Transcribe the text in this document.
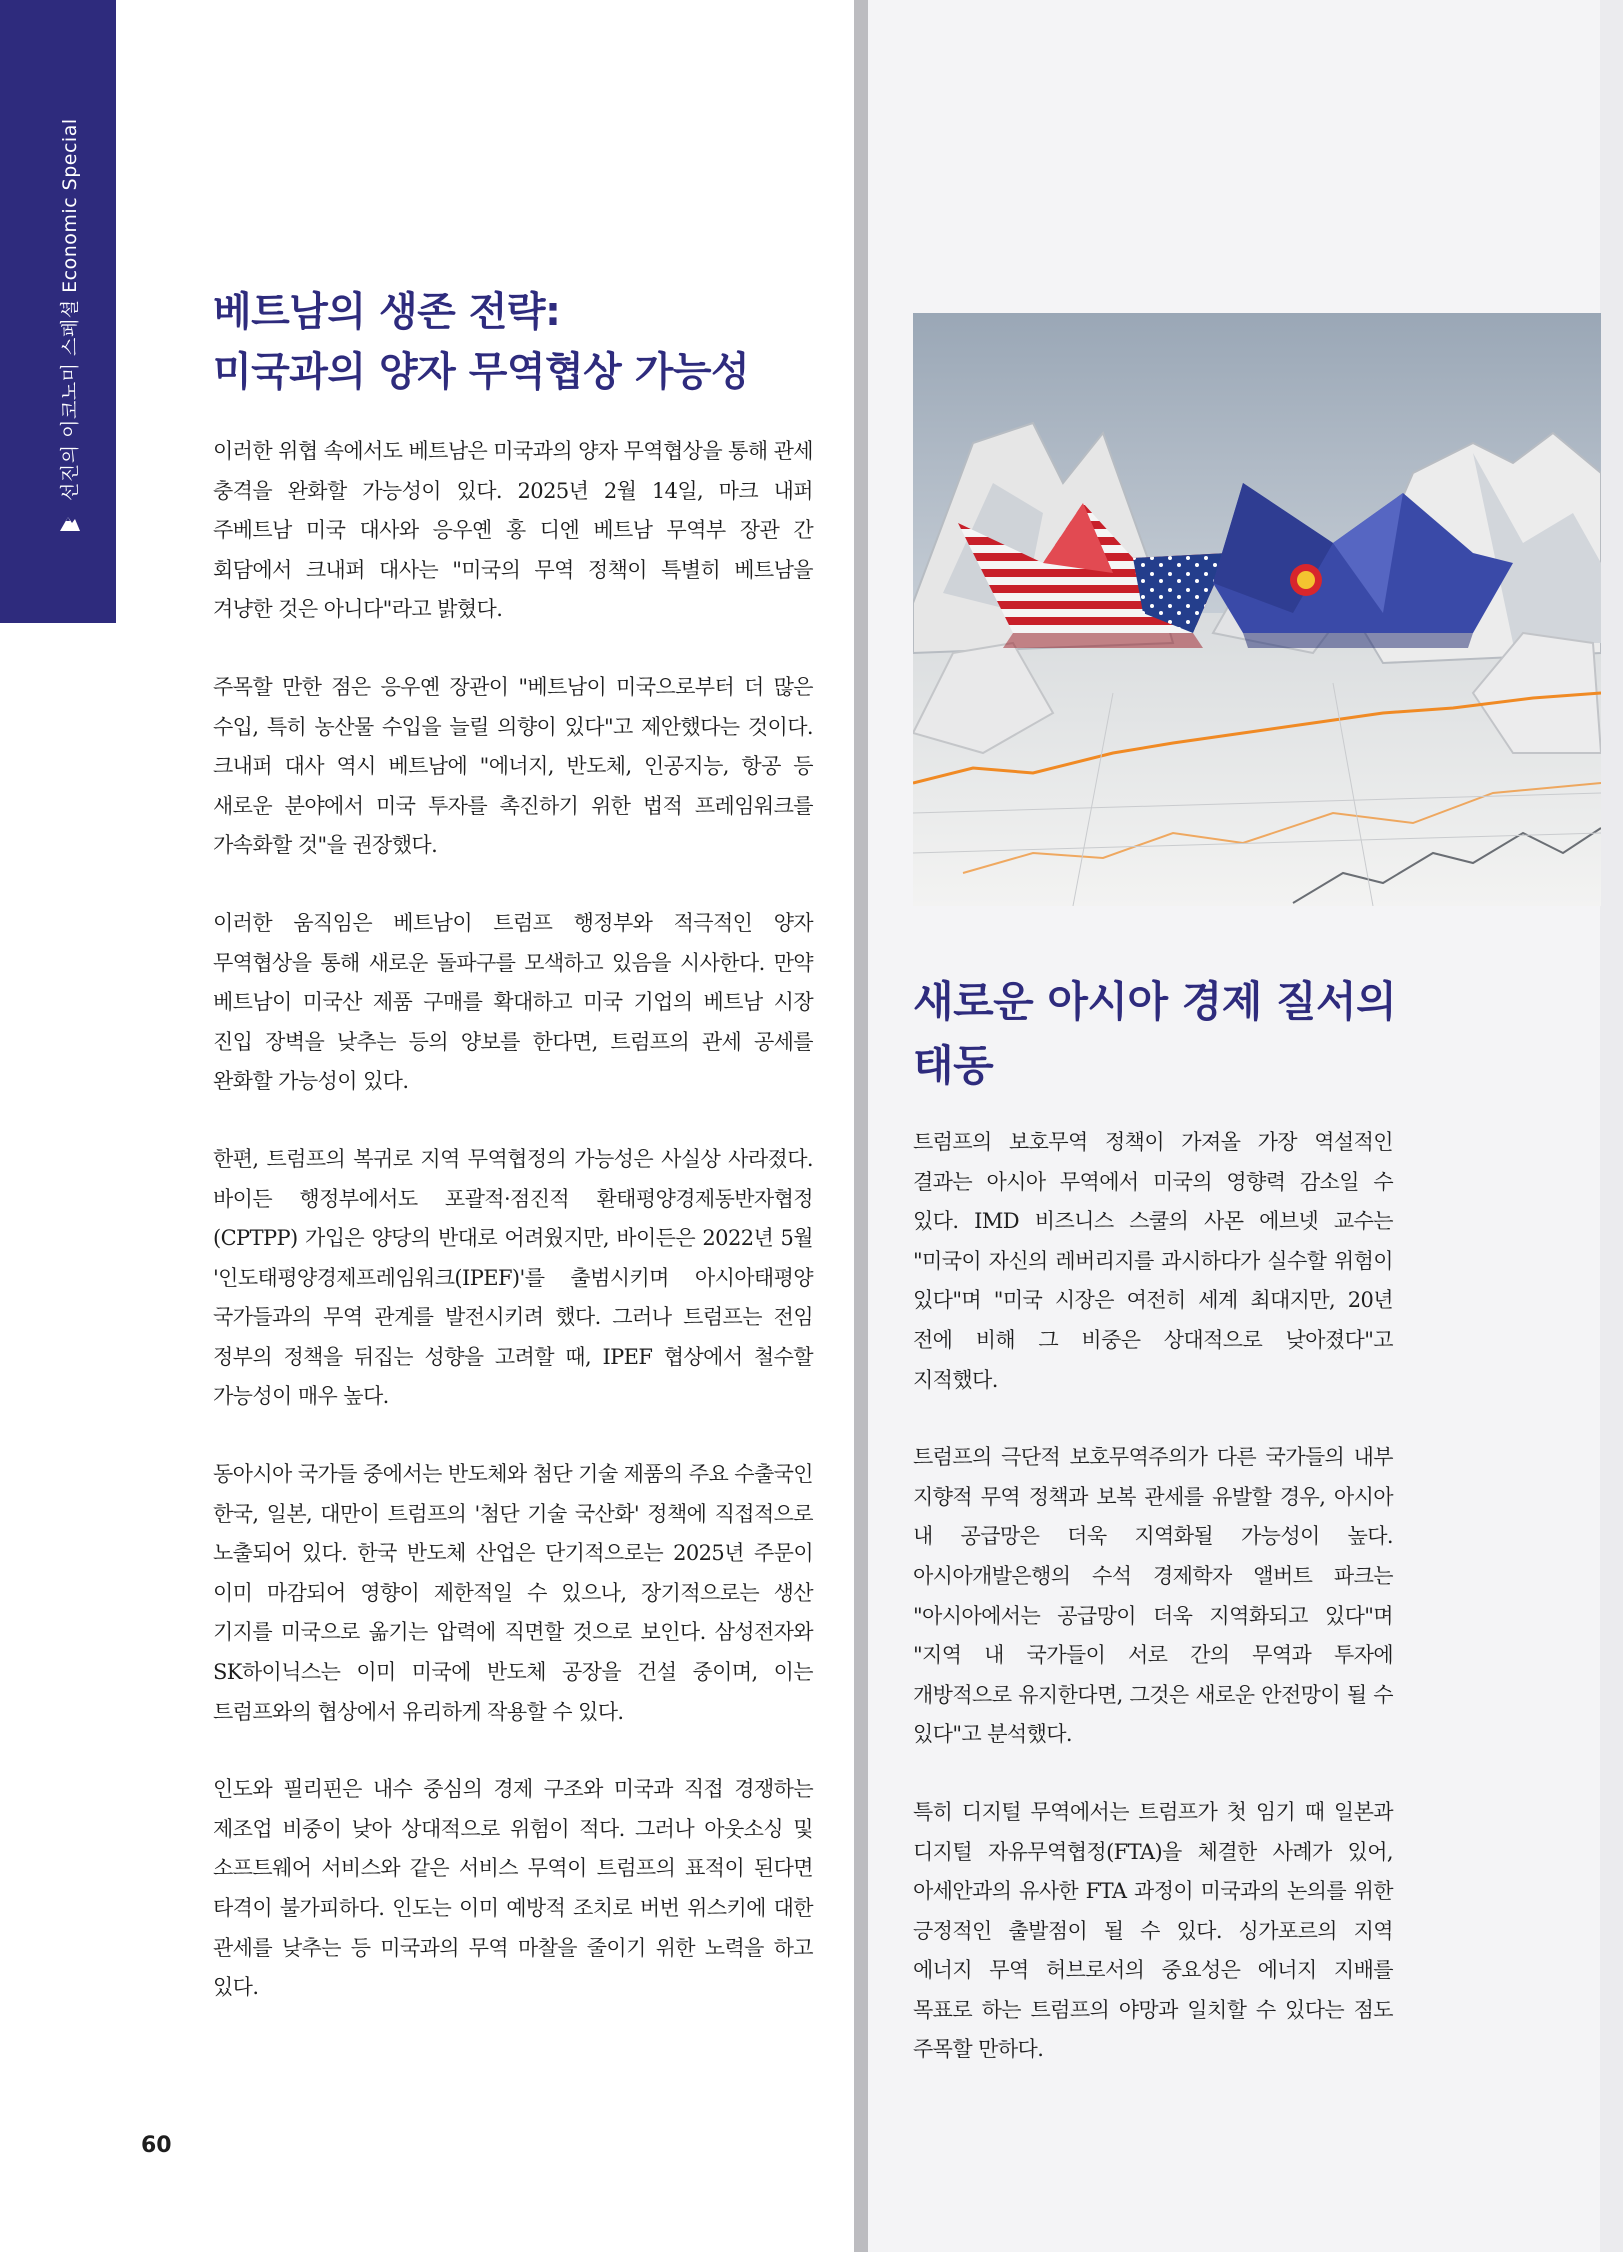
선진의 이코노미 스페셜 Economic Special	베트남의 생존 전략:
미국과의 양자 무역협상 가능성

이러한 위협 속에서도 베트남은 미국과의 양자 무역협상을 통해 관세 충격을 완화할 가능성이 있다. 2025년 2월 14일, 마크 내퍼 주베트남 미국 대사와 응우옌 홍 디엔 베트남 무역부 장관 간 회담에서 크내퍼 대사는 "미국의 무역 정책이 특별히 베트남을 겨냥한 것은 아니다"라고 밝혔다.

주목할 만한 점은 응우옌 장관이 "베트남이 미국으로부터 더 많은 수입, 특히 농산물 수입을 늘릴 의향이 있다"고 제안했다는 것이다. 크내퍼 대사 역시 베트남에 "에너지, 반도체, 인공지능, 항공 등 새로운 분야에서 미국 투자를 촉진하기 위한 법적 프레임워크를 가속화할 것"을 권장했다.

이러한 움직임은 베트남이 트럼프 행정부와 적극적인 양자 무역협상을 통해 새로운 돌파구를 모색하고 있음을 시사한다. 만약 베트남이 미국산 제품 구매를 확대하고 미국 기업의 베트남 시장 진입 장벽을 낮추는 등의 양보를 한다면, 트럼프의 관세 공세를 완화할 가능성이 있다.

한편, 트럼프의 복귀로 지역 무역협정의 가능성은 사실상 사라졌다. 바이든 행정부에서도 포괄적·점진적 환태평양경제동반자협정(CPTPP) 가입은 양당의 반대로 어려웠지만, 바이든은 2022년 5월 '인도태평양경제프레임워크(IPEF)'를 출범시키며 아시아태평양 국가들과의 무역 관계를 발전시키려 했다. 그러나 트럼프는 전임 정부의 정책을 뒤집는 성향을 고려할 때, IPEF 협상에서 철수할 가능성이 매우 높다.

동아시아 국가들 중에서는 반도체와 첨단 기술 제품의 주요 수출국인 한국, 일본, 대만이 트럼프의 '첨단 기술 국산화' 정책에 직접적으로 노출되어 있다. 한국 반도체 산업은 단기적으로는 2025년 주문이 이미 마감되어 영향이 제한적일 수 있으나, 장기적으로는 생산 기지를 미국으로 옮기는 압력에 직면할 것으로 보인다. 삼성전자와 SK하이닉스는 이미 미국에 반도체 공장을 건설 중이며, 이는 트럼프와의 협상에서 유리하게 작용할 수 있다.

인도와 필리핀은 내수 중심의 경제 구조와 미국과 직접 경쟁하는 제조업 비중이 낮아 상대적으로 위험이 적다. 그러나 아웃소싱 및 소프트웨어 서비스와 같은 서비스 무역이 트럼프의 표적이 된다면 타격이 불가피하다. 인도는 이미 예방적 조치로 버번 위스키에 대한 관세를 낮추는 등 미국과의 무역 마찰을 줄이기 위한 노력을 하고 있다.

새로운 아시아 경제 질서의
태동

트럼프의 보호무역 정책이 가져올 가장 역설적인 결과는 아시아 무역에서 미국의 영향력 감소일 수 있다. IMD 비즈니스 스쿨의 사몬 에브넷 교수는 "미국이 자신의 레버리지를 과시하다가 실수할 위험이 있다"며 "미국 시장은 여전히 세계 최대지만, 20년 전에 비해 그 비중은 상대적으로 낮아졌다"고 지적했다.

트럼프의 극단적 보호무역주의가 다른 국가들의 내부 지향적 무역 정책과 보복 관세를 유발할 경우, 아시아 내 공급망은 더욱 지역화될 가능성이 높다. 아시아개발은행의 수석 경제학자 앨버트 파크는 "아시아에서는 공급망이 더욱 지역화되고 있다"며 "지역 내 국가들이 서로 간의 무역과 투자에 개방적으로 유지한다면, 그것은 새로운 안전망이 될 수 있다"고 분석했다.

특히 디지털 무역에서는 트럼프가 첫 임기 때 일본과 디지털 자유무역협정(FTA)을 체결한 사례가 있어, 아세안과의 유사한 FTA 과정이 미국과의 논의를 위한 긍정적인 출발점이 될 수 있다. 싱가포르의 지역 에너지 무역 허브로서의 중요성은 에너지 지배를 목표로 하는 트럼프의 야망과 일치할 수 있다는 점도 주목할 만하다.

60
